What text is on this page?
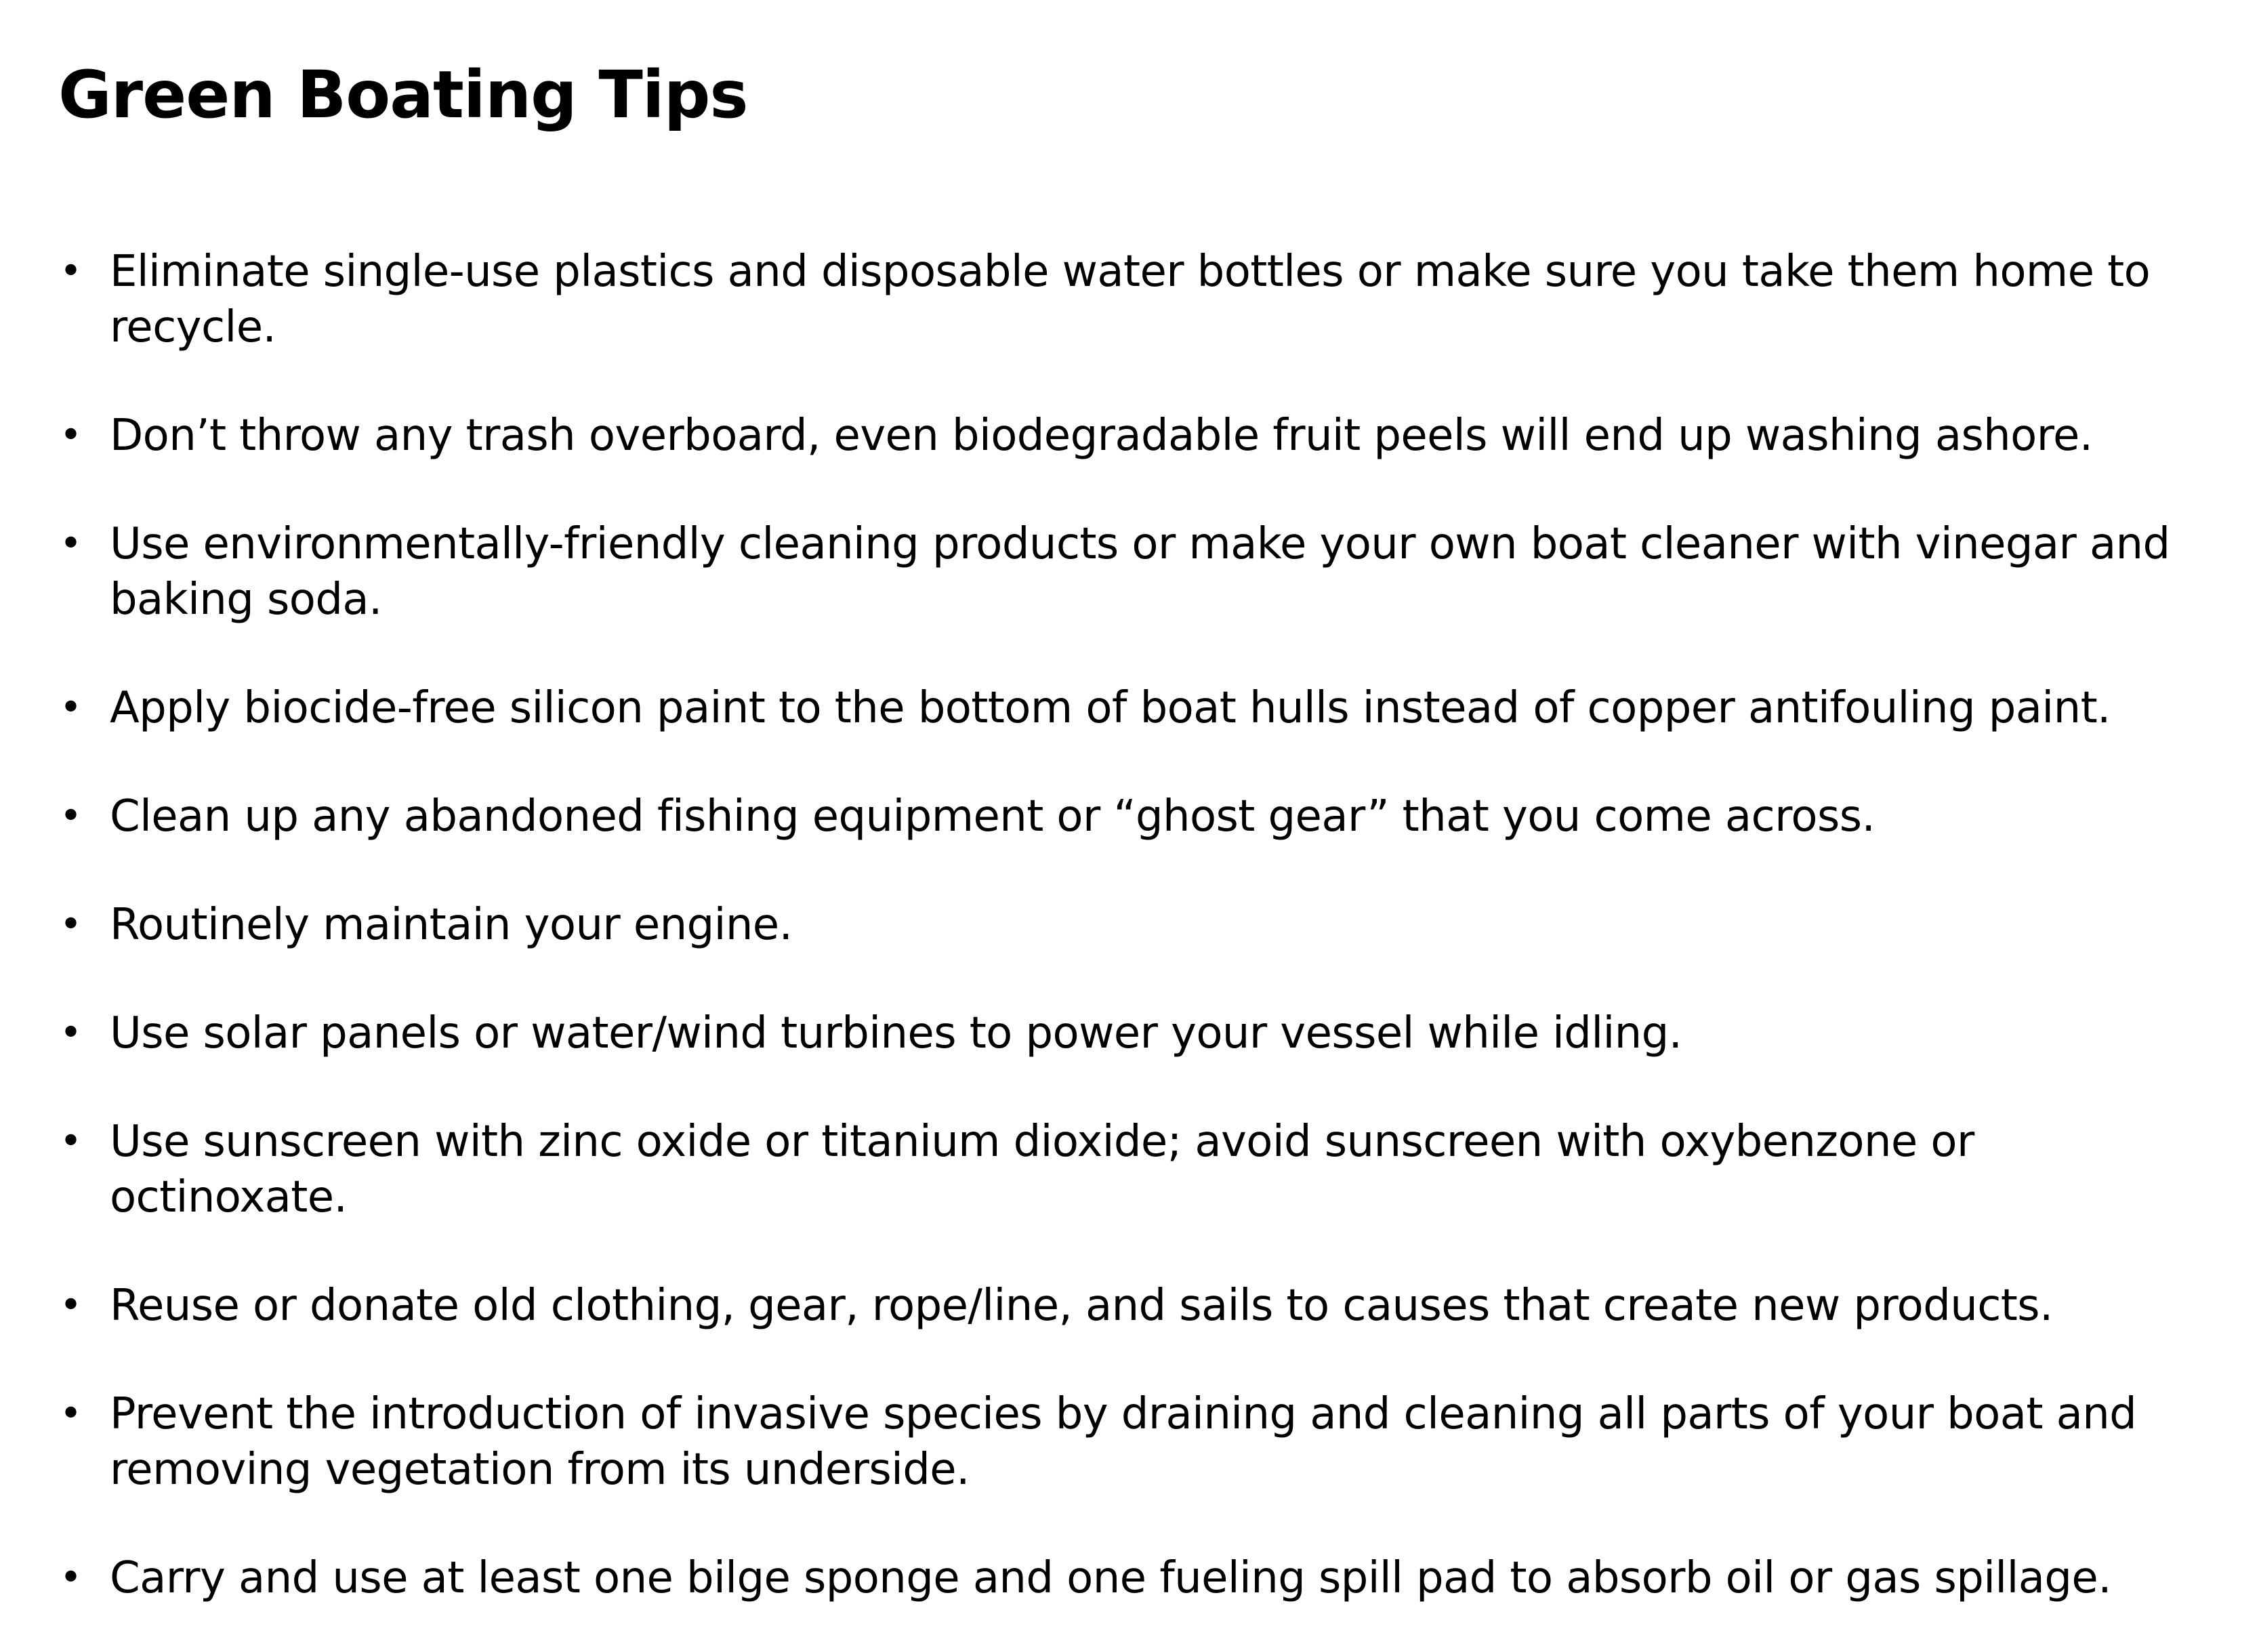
Green Boating Tips
• Eliminate single-use plastics and disposable water bottles or make sure you take them home to recycle.
• Don’t throw any trash overboard, even biodegradable fruit peels will end up washing ashore.
• Use environmentally-friendly cleaning products or make your own boat cleaner with vinegar and baking soda.
• Apply biocide-free silicon paint to the bottom of boat hulls instead of copper antifouling paint.
• Clean up any abandoned fishing equipment or “ghost gear” that you come across.
• Routinely maintain your engine.
• Use solar panels or water/wind turbines to power your vessel while idling.
• Use sunscreen with zinc oxide or titanium dioxide; avoid sunscreen with oxybenzone or octinoxate.
• Reuse or donate old clothing, gear, rope/line, and sails to causes that create new products.
• Prevent the introduction of invasive species by draining and cleaning all parts of your boat and removing vegetation from its underside.
• Carry and use at least one bilge sponge and one fueling spill pad to absorb oil or gas spillage.
